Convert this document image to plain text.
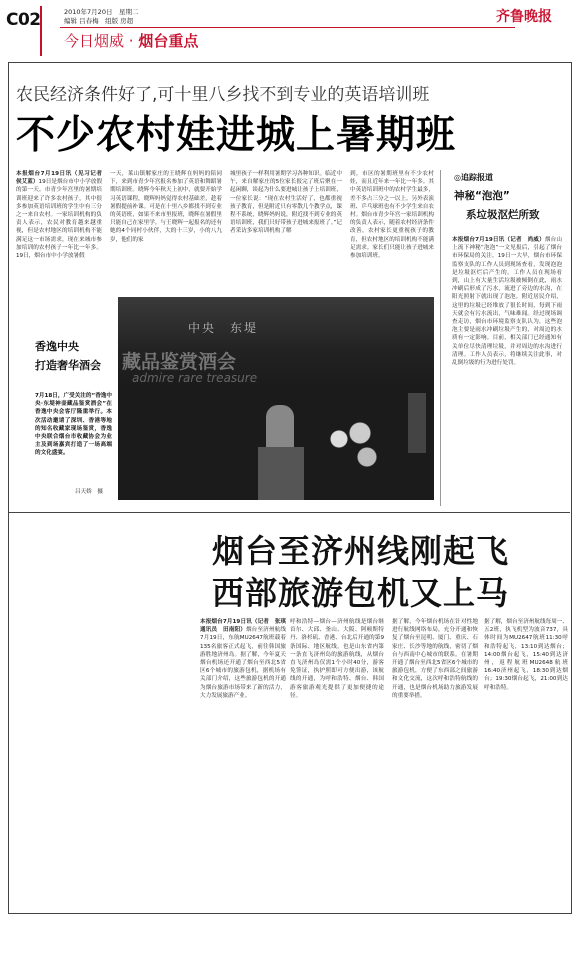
C02	2010年7月20日　星期二
编辑 吕春梅　组版 房超
今日烟威 · 烟台重点
齐鲁晚报
农民经济条件好了,可十里八乡找不到专业的英语培训班
不少农村娃进城上暑期班
本报烟台7月19日讯（见习记者　侯艾蓝）19日是烟台市中小学放假的第一天。市青少年宫里的暑期培训班迎来了许多农村孩子，其中很多参加英语培训班的学生中有三分之一来自农村。一家培训机构的负责人表示，农民对教育越来越重视，但是农村地区的培训机构不能满足这一市场需求，现在来城市参加培训的农村孩子一年比一年多。19日，烟台市中小学放暑假
一天，莱山镇解家庄的王晓辉在妈妈的陪同下，来到市青少年宫报名参加了英语和舞蹈暑期培训班。晓辉今年秋天上初中，就要开始学习英语课程，晓辉妈妈觉得农村基础差，趁着暑假提前补课。可是在十里八乡都找不到专业的英语班，如果不来市里报班，晓辉在暑假里只能自己在家里学。与王晓辉一起报名的还有她的4个同村小伙伴，大的十三岁，小的八九岁，他们的家
城里孩子一样利用暑期学习各种知识。临近中午，来自解家庄的5位家长报完了班后聚在一起闲聊，谈起为什么要进城让孩子上培训班，一位家长说：“现在农村生活好了，也都重视孩子教育，但是附近只有零散几个教学点，课程不系统，晓辉妈妈说，附近找不到专业的英语培训班，我们只好带孩子进城来报班了。”记者采访多家培训机构了解
到，市区的暑期班里有不少农村娃，而且近年来一年比一年多。其中英语培训班中的农村学生最多，差不多占三分之一以上。另外表演班、乒乓球班也有不少学生来自农村。烟台市青少年宫一家培训机构的负责人表示，随着农村经济条件改善，农村家长更重视孩子的教育，但农村地区的培训机构不能满足需求。家长们只能让孩子进城来参加培训班。
中央　东堤
藏品鉴赏酒会
admire rare treasure
香逸中央
打造奢华酒会
7月18日，广受关注的“香逸中央·东堤神壶藏品鉴赏酒会”在香逸中央会客厅隆重举行。本次活动邀请了深圳、香港等地的知名收藏家现场鉴赏，香逸中央联合烟台市收藏协会为业主及到场嘉宾打造了一场高端的文化盛宴。
吕天娇　摄
◎追踪报道
神秘“泡泡”
系垃圾沤烂所致
本报烟台7月19日讯（记者　尚威）烟台山上流下神秘“泡泡”一文见报后，引起了烟台市环保局的关注。19日一大早，烟台市环保监察支队的工作人员到现场查看，发现泡泡是垃圾沤烂后产生的。工作人员在现场看到，山上有大量生活垃圾被倾倒在此，雨水冲刷后形成了污水，流进了旁边的水沟，在阳光照射下就出现了泡泡。附近居民介绍，这里的垃圾已经堆放了很长时间，每到下雨天就会有污水流出，气味难闻。经过现场调查走访，烟台市环境监察支队认为，这些泡泡主要是雨水冲刷垃圾产生的，对周边的水质有一定影响。目前，相关部门已经通知有关单位尽快清理垃圾，并对周边的水沟进行清理。工作人员表示，将继续关注此事，对乱倒垃圾的行为进行处罚。
烟台至济州线刚起飞
西部旅游包机又上马
本报烟台7月19日讯（记者　张琪　通讯员　田南阳）烟台至济州航线7月19日，东航MU2647航班载着135名旅客正式起飞，前往韩国旅游胜地济州岛。据了解，今年夏天烟台机场还开通了烟台至西北5省区6个城市的旅游包机，据机场有关部门介绍，这些旅游包机的开通为烟台旅游市场带来了新的活力，大力发展旅游产业。
呼和浩特—烟台—济州航线是烟台继首尔、大邱、釜山、大阪、阿顿斯特丹、洛杉矶、香港、台北后开通的第9条国际、地区航线，也是山东省内第一条直飞济州岛的旅游航线，从烟台直飞济州岛仅需1个小时40分，游客免签证，执护照即可方便出游，该航线的开通，为呼和浩特、烟台、韩国游客旅游观光提供了更加便捷的途径。
据了解，今年烟台机场在针对性地进行航线网络布局，充分开通和恢复了烟台至昆明、厦门、重庆、石家庄、长沙等地的航线，密切了烟台与西南中心城市的联系。在暑期开通了烟台至西北5省区6个城市的旅游包机，方便了东西部之间旅游和文化交流，这次呼和浩特航线的开通，也是烟台机场助力旅游发展的重要举措。
据了解，烟台至济州航线每周一、五2班，执飞机型为波音737，具体时间为MU2647航班11:30呼和浩特起飞，13:10到达烟台；14:00烟台起飞，15:40到达济州，返程航班MU2648航班16:40济州起飞，18:30到达烟台；19:30烟台起飞，21:00到达呼和浩特。
